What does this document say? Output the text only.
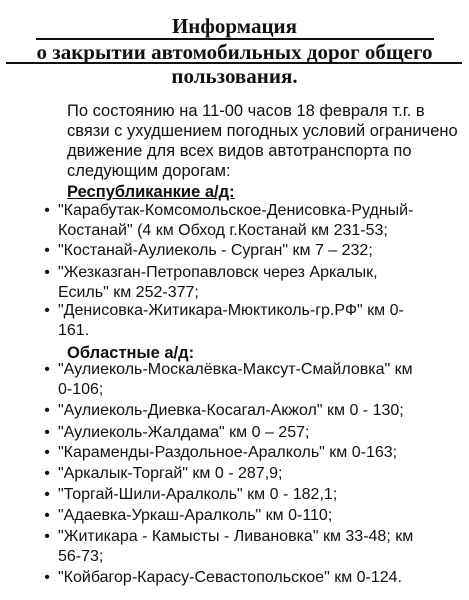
Информация
о закрытии автомобильных дорог общего
пользования.
По состоянию на 11-00 часов 18 февраля т.г. в
связи с ухудшением погодных условий ограничено
движение для всех видов автотранспорта по
следующим дорогам:
Республиканкие а/д:
• "Карабутак-Комсомольское-Денисовка-Рудный-Костанай" (4 км Обход г.Костанай км 231-53;
• "Костанай-Аулиеколь - Сурган" км 7 – 232;
• "Жезказган-Петропавловск через Аркалык, Есиль" км 252-377;
• "Денисовка-Житикара-Мюктиколь-гр.РФ" км 0-161.
Областные а/д:
• "Аулиеколь-Москалёвка-Максут-Смайловка" км 0-106;
• "Аулиеколь-Диевка-Косагал-Акжол" км 0 - 130;
• "Аулиеколь-Жалдама" км 0 – 257;
• "Караменды-Раздольное-Аралколь" км 0-163;
• "Аркалык-Торгай" км 0 - 287,9;
• "Торгай-Шили-Аралколь" км 0 - 182,1;
• "Адаевка-Уркаш-Аралколь" км 0-110;
• "Житикара - Камысты - Ливановка" км 33-48; км 56-73;
• "Койбагор-Карасу-Севастопольское" км 0-124.
